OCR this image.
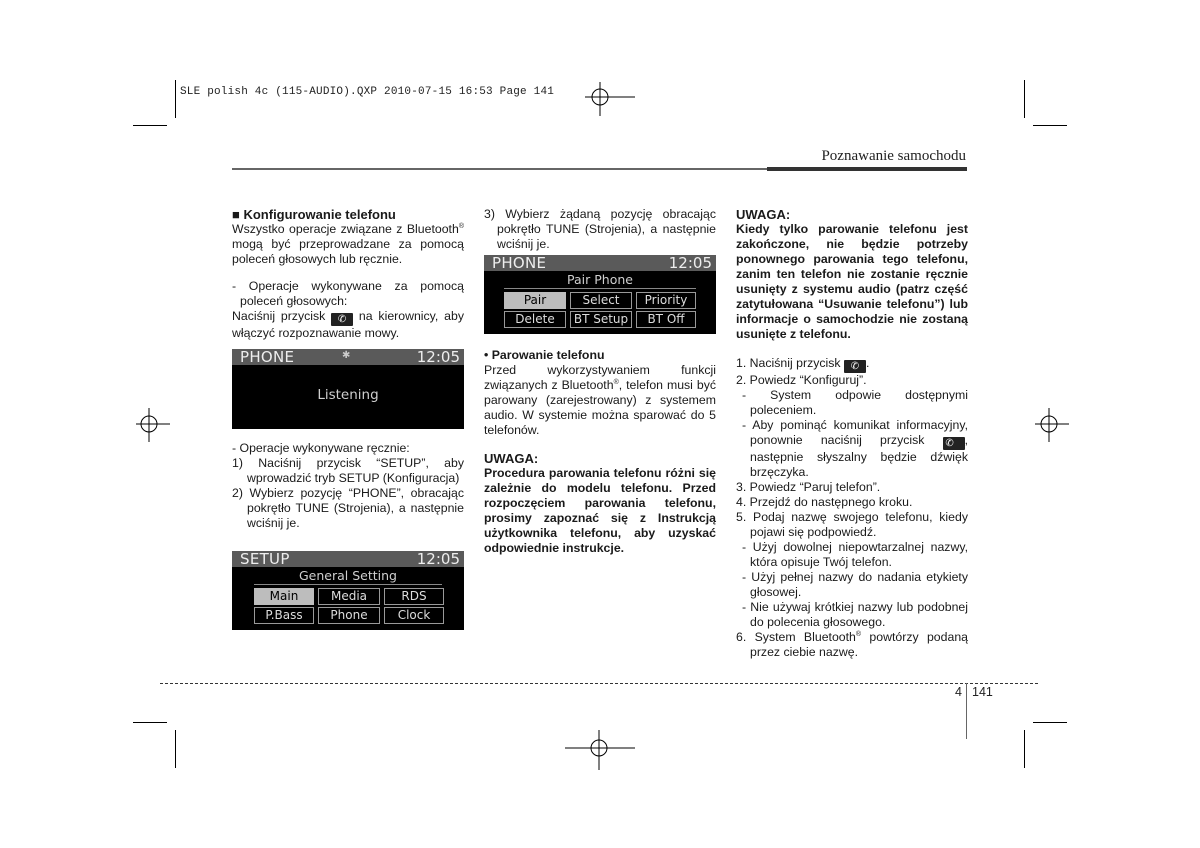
SLE polish 4c (115-AUDIO).QXP 2010-07-15 16:53 Page 141
Poznawanie samochodu

■ Konfigurowanie telefonu

Wszystko operacje związane z Bluetooth® mogą być przeprowadzane za pomocą poleceń głosowych lub ręcznie.

- Operacje wykonywane za pomocą poleceń głosowych:

Naciśnij przycisk ✆ na kierownicy, aby włączyć rozpoznawanie mowy.

PHONE	✱	12:05
Listening

- Operacje wykonywane ręcznie:

1) Naciśnij przycisk “SETUP”, aby wprowadzić tryb SETUP (Konfiguracja)

2) Wybierz pozycję “PHONE”, obracając pokrętło TUNE (Strojenia), a następnie wciśnij je.

SETUP	12:05
General Setting
Main	Media	RDS
P.Bass	Phone	Clock

3) Wybierz żądaną pozycję obracając pokrętło TUNE (Strojenia), a następnie wciśnij je.

PHONE	12:05
Pair Phone
Pair	Select	Priority
Delete	BT Setup	BT Off

• Parowanie telefonu

Przed wykorzystywaniem funkcji związanych z Bluetooth®, telefon musi być parowany (zarejestrowany) z systemem audio. W systemie można sparować do 5 telefonów.

UWAGA:

Procedura parowania telefonu różni się zależnie do modelu telefonu. Przed rozpoczęciem parowania telefonu, prosimy zapoznać się z Instrukcją użytkownika telefonu, aby uzyskać odpowiednie instrukcje.

UWAGA:

Kiedy tylko parowanie telefonu jest zakończone, nie będzie potrzeby ponownego parowania tego telefonu, zanim ten telefon nie zostanie ręcznie usunięty z systemu audio (patrz część zatytułowana “Usuwanie telefonu”) lub informacje o samochodzie nie zostaną usunięte z telefonu.

1. Naciśnij przycisk ✆ .

2. Powiedz “Konfiguruj”.

- System odpowie dostępnymi poleceniem.

- Aby pominąć komunikat informacyjny, ponownie naciśnij przycisk ✆ , następnie słyszalny będzie dźwięk brzęczyka.

3. Powiedz “Paruj telefon”.

4. Przejdź do następnego kroku.

5. Podaj nazwę swojego telefonu, kiedy pojawi się podpowiedź.

- Użyj dowolnej niepowtarzalnej nazwy, która opisuje Twój telefon.

- Użyj pełnej nazwy do nadania etykiety głosowej.

- Nie używaj krótkiej nazwy lub podobnej do polecenia głosowego.

6. System Bluetooth® powtórzy podaną przez ciebie nazwę.

4 141
